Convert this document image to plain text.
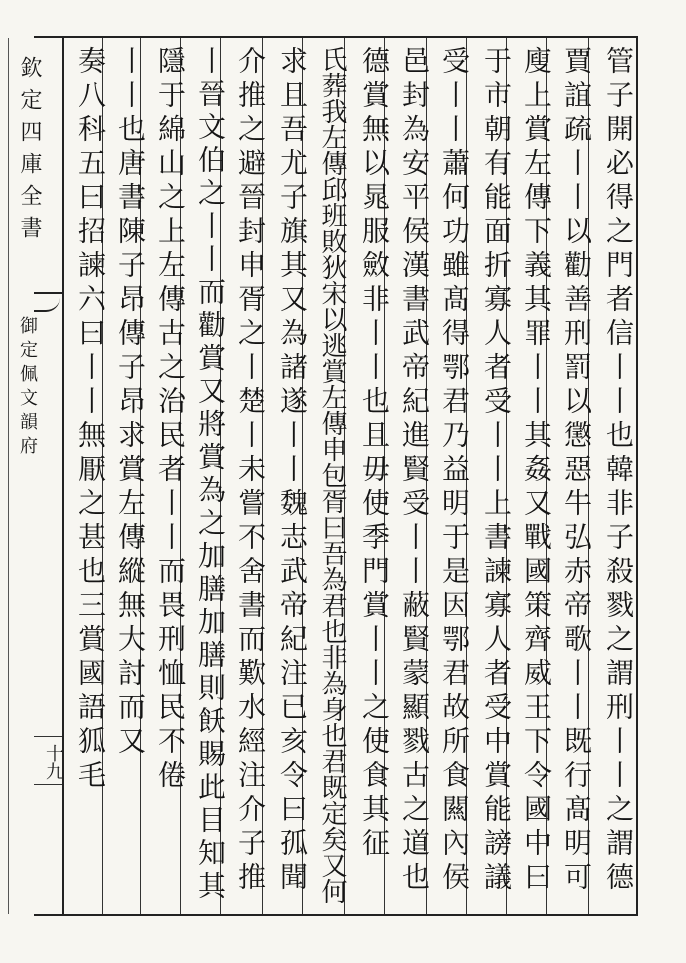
欽定四庫全書
御定佩文韻府
十九	管子開必得之門者信丨丨也韓非子殺戮之謂刑丨丨之謂德
賈誼疏丨丨以勸善刑罰以懲惡牛弘赤帝歌丨丨既行髙明可
廋上賞左傳下義其罪丨丨其姦又戰國策齊威王下令國中曰
于市朝有能面折寡人者受丨丨上書諫寡人者受中賞能謗議
受丨丨蕭何功雖髙得鄂君乃益明于是因鄂君故所食闗內侯
邑封為安平侯漢書武帝紀進賢受丨丨蔽賢蒙顯戮古之道也
德賞無以晁服斂非丨丨也且毋使季門賞丨丨之使食其征
氏葬我左傳邱班敗狄宋以逃賞左傳申包胥曰吾為君也非為身也君既定矣又何
求且吾尤子旗其又為諸遂丨丨魏志武帝紀注已亥令曰孤聞
介推之避晉封申胥之丨楚丨未嘗不舍書而歎水經注介子推
丨晉文伯之丨丨而勸賞又將賞為之加膳加膳則飫賜此目知其
隱于綿山之上左傳古之治民者丨丨而畏刑恤民不倦
丨丨也唐書陳子昂傳子昂求賞左傳縱無大討而又
奏八科五曰招諫六曰丨丨無厭之甚也三賞國語狐毛
